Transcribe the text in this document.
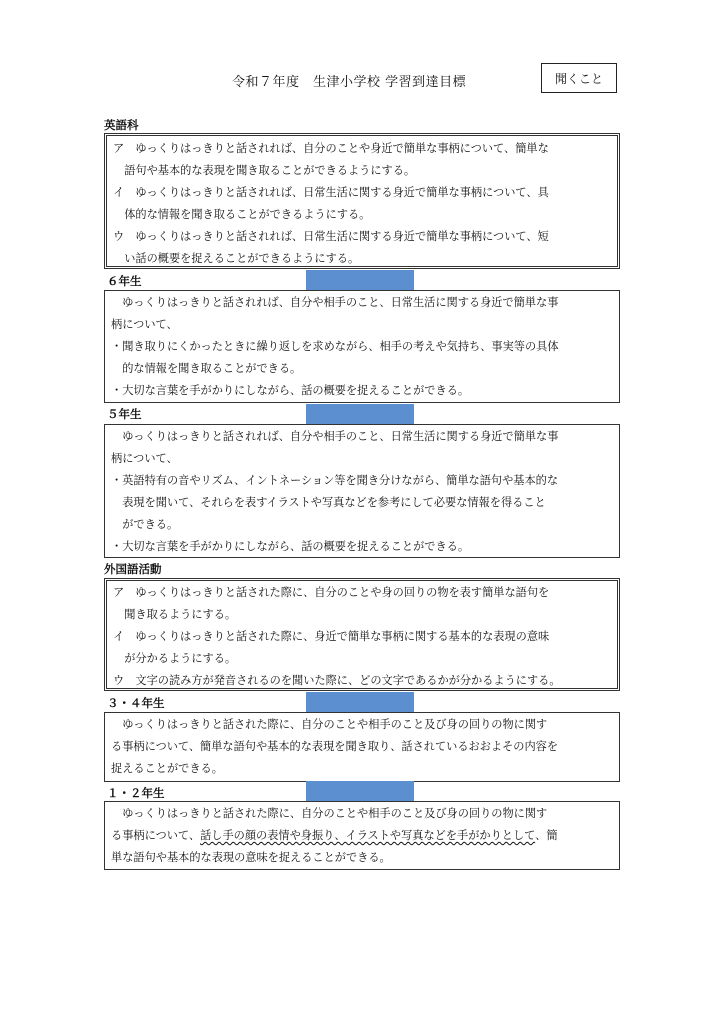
令和７年度　生津小学校 学習到達目標	聞くこと
英語科
ア　ゆっくりはっきりと話されれば、自分のことや身近で簡単な事柄について、簡単な
　語句や基本的な表現を聞き取ることができるようにする。
イ　ゆっくりはっきりと話されれば、日常生活に関する身近で簡単な事柄について、具
　体的な情報を聞き取ることができるようにする。
ウ　ゆっくりはっきりと話されれば、日常生活に関する身近で簡単な事柄について、短
　い話の概要を捉えることができるようにする。
６年生
　ゆっくりはっきりと話されれば、自分や相手のこと、日常生活に関する身近で簡単な事
柄について、
・聞き取りにくかったときに繰り返しを求めながら、相手の考えや気持ち、事実等の具体
　的な情報を聞き取ることができる。
・大切な言葉を手がかりにしながら、話の概要を捉えることができる。
５年生
　ゆっくりはっきりと話されれば、自分や相手のこと、日常生活に関する身近で簡単な事
柄について、
・英語特有の音やリズム、イントネーション等を聞き分けながら、簡単な語句や基本的な
　表現を聞いて、それらを表すイラストや写真などを参考にして必要な情報を得ること
　ができる。
・大切な言葉を手がかりにしながら、話の概要を捉えることができる。
外国語活動
ア　ゆっくりはっきりと話された際に、自分のことや身の回りの物を表す簡単な語句を
　聞き取るようにする。
イ　ゆっくりはっきりと話された際に、身近で簡単な事柄に関する基本的な表現の意味
　が分かるようにする。
ウ　文字の読み方が発音されるのを聞いた際に、どの文字であるかが分かるようにする。
３・４年生
　ゆっくりはっきりと話された際に、自分のことや相手のこと及び身の回りの物に関す
る事柄について、簡単な語句や基本的な表現を聞き取り、話されているおおよその内容を
捉えることができる。
１・２年生
　ゆっくりはっきりと話された際に、自分のことや相手のこと及び身の回りの物に関す
る事柄について、話し手の顔の表情や身振り、イラストや写真などを手がかりとして、簡
単な語句や基本的な表現の意味を捉えることができる。
